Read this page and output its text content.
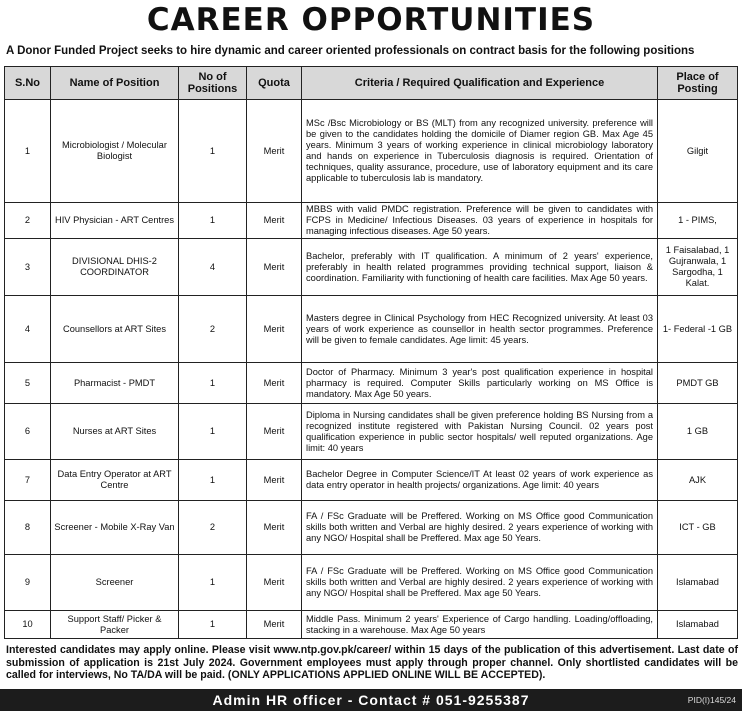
CAREER OPPORTUNITIES
A Donor Funded Project seeks to hire dynamic and career oriented professionals on contract basis for the following positions
S.No	Name of Position	No of Positions	Quota	Criteria / Required Qualification and Experience	Place of Posting
1	Microbiologist / Molecular Biologist	1	Merit	MSc /Bsc Microbiology or BS (MLT) from any recognized university. preference will be given to the candidates holding the domicile of Diamer region GB. Max Age 45 years. Minimum 3 years of working experience in clinical microbiology laboratory and hands on experience in Tuberculosis diagnosis is required. Orientation of techniques, quality assurance, procedure, use of laboratory equipment and its care applicable to tuberculosis lab is mandatory.	Gilgit
2	HIV Physician - ART Centres	1	Merit	MBBS with valid PMDC registration. Preference will be given to candidates with FCPS in Medicine/ Infectious Diseases. 03 years of experience in hospitals for managing infectious diseases. Age 50 years.	1 - PIMS,
3	DIVISIONAL DHIS-2 COORDINATOR	4	Merit	Bachelor, preferably with IT qualification. A minimum of 2 years' experience, preferably in health related programmes providing technical support, liaison & coordination. Familiarity with functioning of health care facilities. Max Age 50 years.	1 Faisalabad, 1 Gujranwala, 1 Sargodha, 1 Kalat.
4	Counsellors at ART Sites	2	Merit	Masters degree in Clinical Psychology from HEC Recognized university. At least 03 years of work experience as counsellor in health sector programmes. Preference will be given to female candidates. Age limit: 45 years.	1- Federal -1 GB
5	Pharmacist - PMDT	1	Merit	Doctor of Pharmacy. Minimum 3 year's post qualification experience in hospital pharmacy is required. Computer Skills particularly working on MS Office is mandatory. Max Age 50 years.	PMDT GB
6	Nurses at ART Sites	1	Merit	Diploma in Nursing candidates shall be given preference holding BS Nursing from a recognized institute registered with Pakistan Nursing Council. 02 years post qualification experience in public sector hospitals/ well reputed organizations. Age limit: 40 years	1 GB
7	Data Entry Operator at ART Centre	1	Merit	Bachelor Degree in Computer Science/IT At least 02 years of work experience as data entry operator in health projects/ organizations. Age limit: 40 years	AJK
8	Screener - Mobile X-Ray Van	2	Merit	FA / FSc Graduate will be Preffered. Working on MS Office good Communication skills both written and Verbal are highly desired. 2 years experience of working with any NGO/ Hospital shall be Preffered. Max age 50 Years.	ICT - GB
9	Screener	1	Merit	FA / FSc Graduate will be Preffered. Working on MS Office good Communication skills both written and Verbal are highly desired. 2 years experience of working with any NGO/ Hospital shall be Preffered. Max age 50 Years.	Islamabad
10	Support Staff/ Picker & Packer	1	Merit	Middle Pass. Minimum 2 years' Experience of Cargo handling. Loading/offloading, stacking in a warehouse. Max Age 50 years	Islamabad
Interested candidates may apply online. Please visit www.ntp.gov.pk/career/ within 15 days of the publication of this advertisement. Last date of submission of application is 21st July 2024. Government employees must apply through proper channel. Only shortlisted candidates will be called for interviews, No TA/DA will be paid. (ONLY APPLICATIONS APPLIED ONLINE WILL BE ACCEPTED).
Admin HR officer - Contact # 051-9255387	PID(I)145/24
